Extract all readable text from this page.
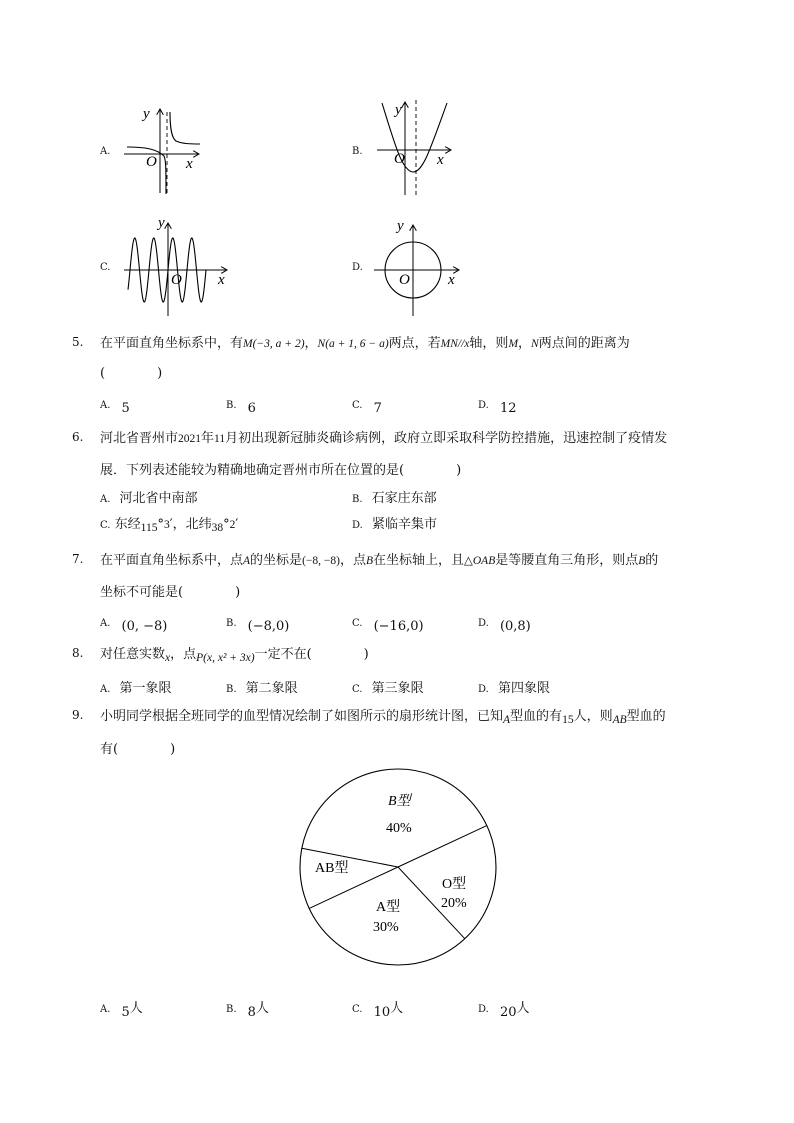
A.	B.
C.	D.
y
x
O
y
x
O
y
x
O
y
x
O
5. 在平面直角坐标系中，有M(−3, a + 2)，N(a + 1, 6 − a)两点，若MN//x轴，则M，N两点间的距离为
(　　　　)
A. $_5$	B. $_6$	C. $_7$	D. $_{12}$
6. 河北省晋州市2021年11月初出现新冠肺炎确诊病例，政府立即采取科学防控措施，迅速控制了疫情发
展．下列表述能较为精确地确定晋州市所在位置的是(　　　　)
A. 河北省中南部	B. 石家庄东部
C. 东经115°3′，北纬38°2′	D. 紧临辛集市
7. 在平面直角坐标系中，点A的坐标是(−8, −8)，点B在坐标轴上，且△OAB是等腰直角三角形，则点B的
坐标不可能是(　　　　)
A. $_{(0, -8)}$	B. $_{(-8,0)}$	C. $_{(-16,0)}$	D. $_{(0,8)}$
8. 对任意实数x，点P(x, x² + 3x)一定不在(　　　　)
A. 第一象限	B. 第二象限	C. 第三象限	D. 第四象限
9. 小明同学根据全班同学的血型情况绘制了如图所示的扇形统计图，已知A型血的有15人，则AB型血的
有(　　　　)
B型
40%
O型
20%
A型
30%
AB型
A. $_5$人	B. $_8$人	C. $_{10}$人	D. $_{20}$人
